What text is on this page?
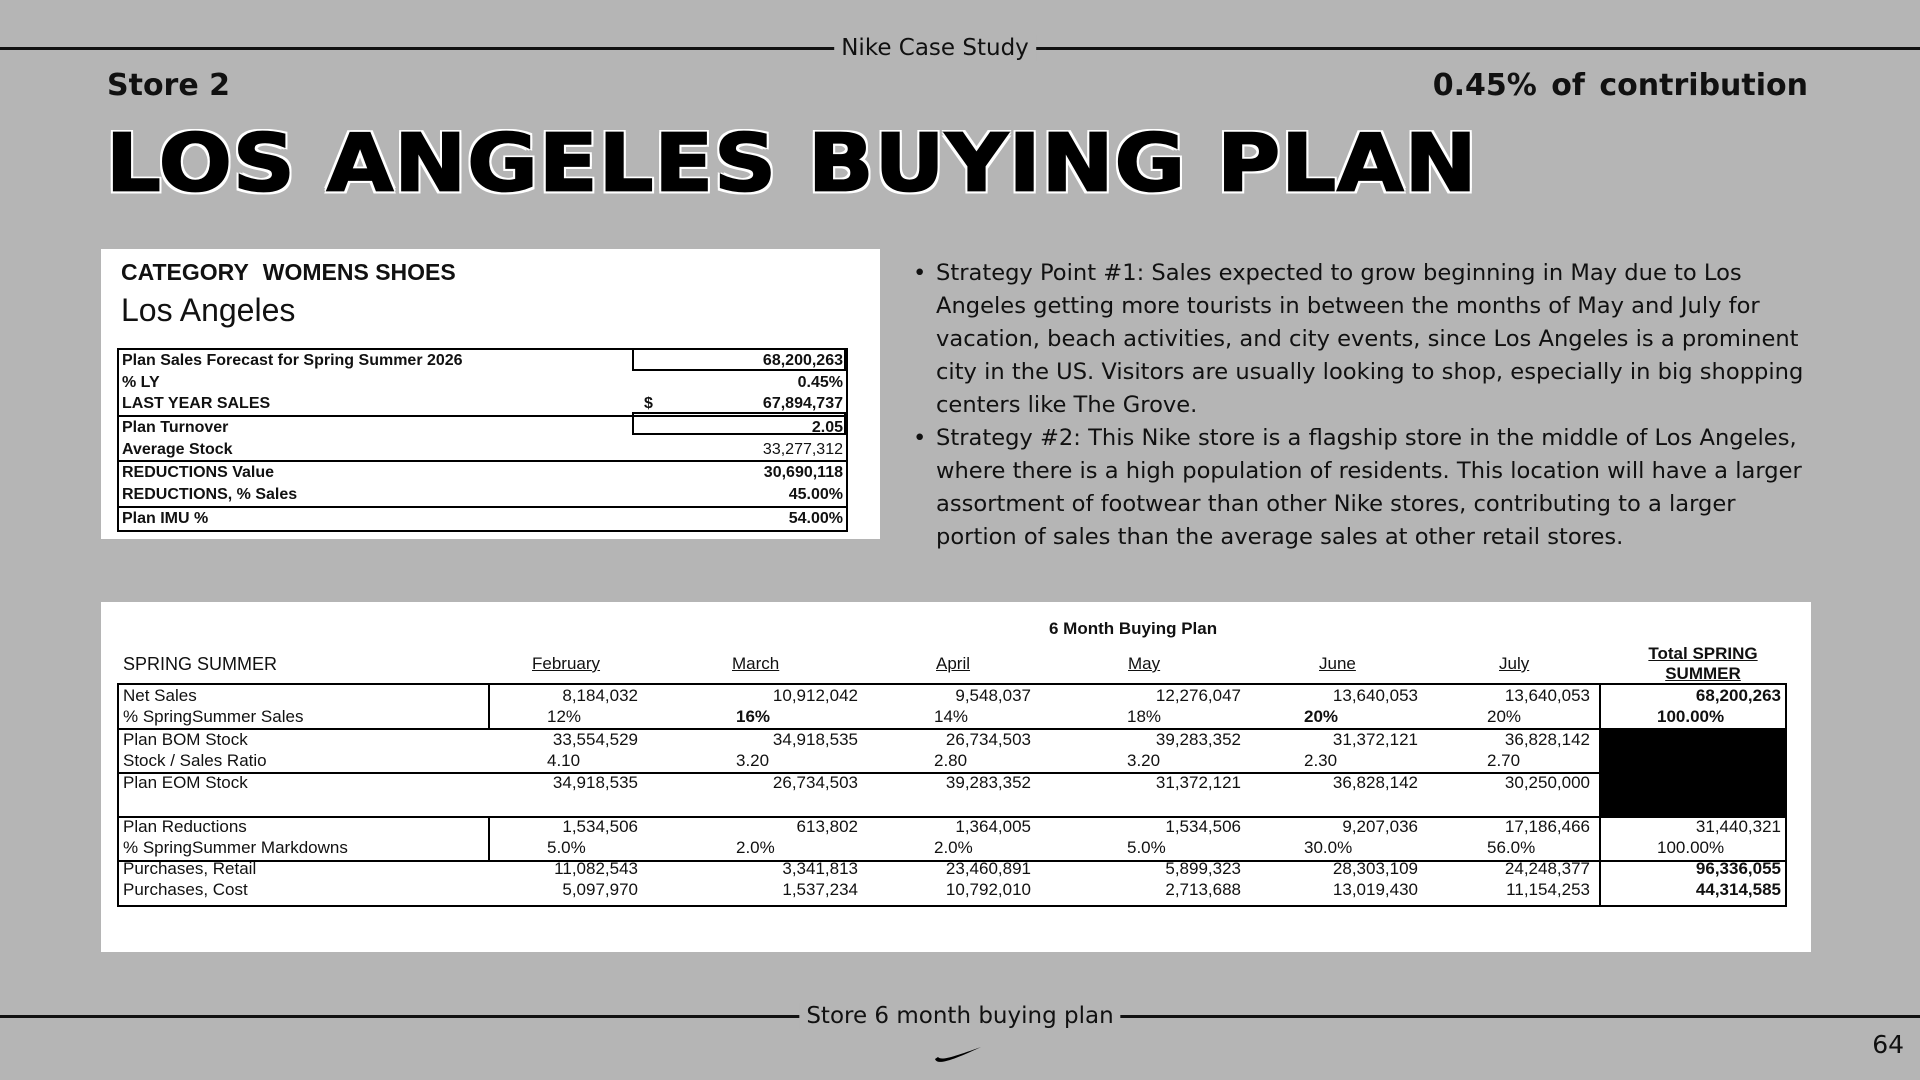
Nike Case Study
Store 2	0.45% of contribution
LOS ANGELES BUYING PLAN
CATEGORY WOMENS SHOES
Los Angeles
Plan Sales Forecast for Spring Summer 2026	68,200,263
% LY	0.45%
LAST YEAR SALES	$	67,894,737
Plan Turnover	2.05
Average Stock	33,277,312
REDUCTIONS Value	30,690,118
REDUCTIONS, % Sales	45.00%
Plan IMU %	54.00%
• Strategy Point #1: Sales expected to grow beginning in May due to Los Angeles getting more tourists in between the months of May and July for vacation, beach activities, and city events, since Los Angeles is a prominent city in the US. Visitors are usually looking to shop, especially in big shopping centers like The Grove.
• Strategy #2: This Nike store is a flagship store in the middle of Los Angeles, where there is a high population of residents. This location will have a larger assortment of footwear than other Nike stores, contributing to a larger portion of sales than the average sales at other retail stores.
6 Month Buying Plan
SPRING SUMMER	February	March	April	May	June	July
Total SPRING
SUMMER
Net Sales	8,184,032	10,912,042	9,548,037	12,276,047	13,640,053	13,640,053	68,200,263
% SpringSummer Sales	12%	16%	14%	18%	20%	20%	100.00%
Plan BOM Stock	33,554,529	34,918,535	26,734,503	39,283,352	31,372,121	36,828,142
Stock / Sales Ratio	4.10	3.20	2.80	3.20	2.30	2.70
Plan EOM Stock	34,918,535	26,734,503	39,283,352	31,372,121	36,828,142	30,250,000
Plan Reductions	1,534,506	613,802	1,364,005	1,534,506	9,207,036	17,186,466	31,440,321
% SpringSummer Markdowns	5.0%	2.0%	2.0%	5.0%	30.0%	56.0%	100.00%
Purchases, Retail	11,082,543	3,341,813	23,460,891	5,899,323	28,303,109	24,248,377	96,336,055
Purchases, Cost	5,097,970	1,537,234	10,792,010	2,713,688	13,019,430	11,154,253	44,314,585
Store 6 month buying plan
64
